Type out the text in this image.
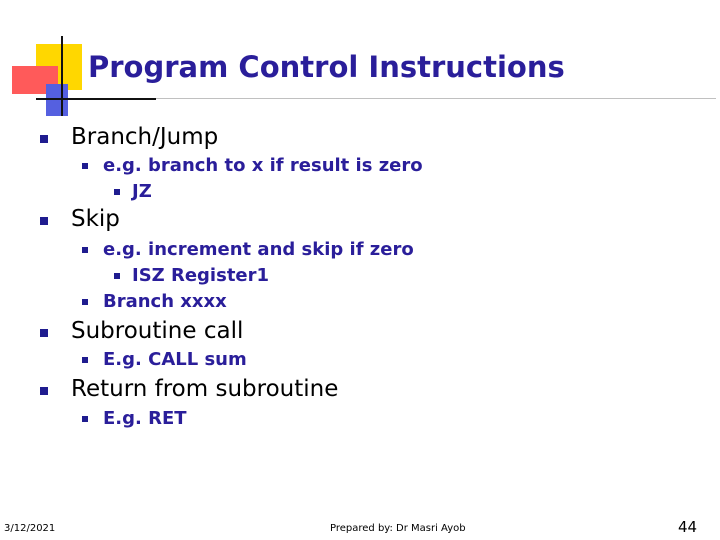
Program Control Instructions
Branch/Jump
e.g. branch to x if result is zero
JZ
Skip
e.g. increment and skip if zero
ISZ Register1
Branch xxxx
Subroutine call
E.g. CALL sum
Return from subroutine
E.g. RET
3/12/2021	Prepared by: Dr Masri Ayob	44
